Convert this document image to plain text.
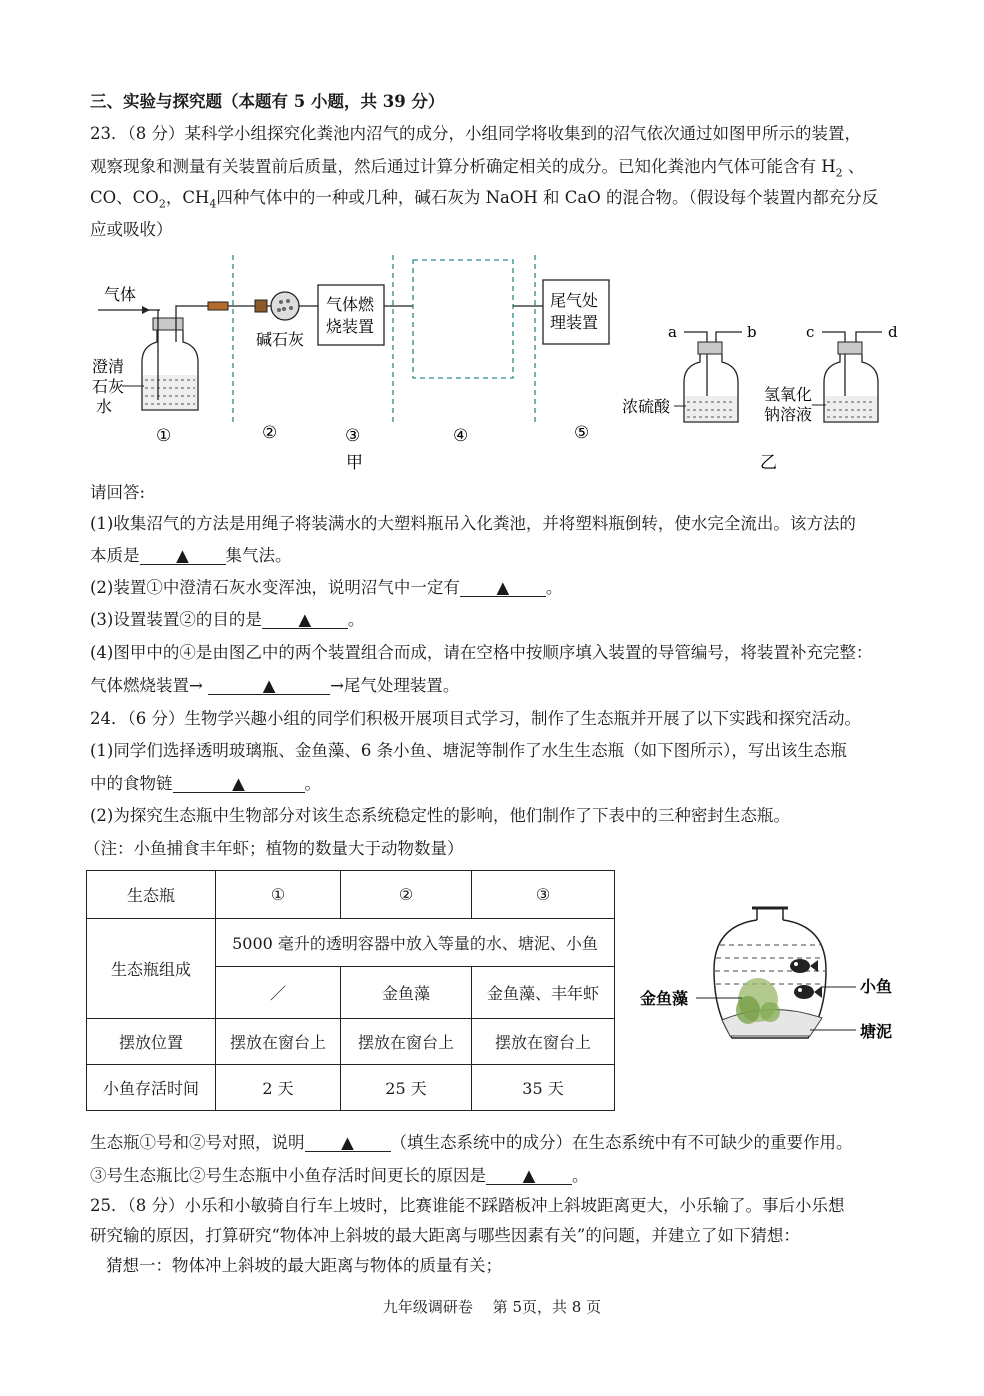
三、实验与探究题（本题有 5 小题，共 39 分）
23．（8 分）某科学小组探究化粪池内沼气的成分，小组同学将收集到的沼气依次通过如图甲所示的装置，
观察现象和测量有关装置前后质量，然后通过计算分析确定相关的成分。已知化粪池内气体可能含有 $H_2$ 、
CO、$CO_2$，$CH_4$四种气体中的一种或几种，碱石灰为 NaOH 和 CaO 的混合物。（假设每个装置内都充分反
应或吸收）
气体
澄清
石灰
水
碱石灰
气体燃
烧装置
尾气处
理装置
①	②	③	④	⑤
甲
a	b
浓硫酸
c	d
氢氧化
钠溶液
乙
请回答:
(1)收集沼气的方法是用绳子将装满水的大塑料瓶吊入化粪池，并将塑料瓶倒转，使水完全流出。该方法的
本质是 ▲ 集气法。
(2)装置①中澄清石灰水变浑浊，说明沼气中一定有 ▲ 。
(3)设置装置②的目的是 ▲ 。
(4)图甲中的④是由图乙中的两个装置组合而成，请在空格中按顺序填入装置的导管编号，将装置补充完整：
气体燃烧装置→	▲	→尾气处理装置。
24．（6 分）生物学兴趣小组的同学们积极开展项目式学习，制作了生态瓶并开展了以下实践和探究活动。
(1)同学们选择透明玻璃瓶、金鱼藻、6 条小鱼、塘泥等制作了水生生态瓶（如下图所示），写出该生态瓶
中的食物链	▲	。
(2)为探究生态瓶中生物部分对该生态系统稳定性的影响，他们制作了下表中的三种密封生态瓶。
（注：小鱼捕食丰年虾；植物的数量大于动物数量）
生态瓶	①	②	③
生态瓶组成	5000 毫升的透明容器中放入等量的水、塘泥、小鱼		
	／	金鱼藻	金鱼藻、丰年虾
摆放位置	摆放在窗台上	摆放在窗台上	摆放在窗台上
小鱼存活时间	2 天	25 天	35 天
金鱼藻
小鱼
塘泥
生态瓶①号和②号对照，说明 ▲ （填生态系统中的成分）在生态系统中有不可缺少的重要作用。
③号生态瓶比②号生态瓶中小鱼存活时间更长的原因是 ▲ 。
25．（8 分）小乐和小敏骑自行车上坡时，比赛谁能不踩踏板冲上斜坡距离更大，小乐输了。事后小乐想
研究输的原因，打算研究“物体冲上斜坡的最大距离与哪些因素有关”的问题，并建立了如下猜想：
猜想一：物体冲上斜坡的最大距离与物体的质量有关；
九年级调研卷　 第 5页，共 8 页
